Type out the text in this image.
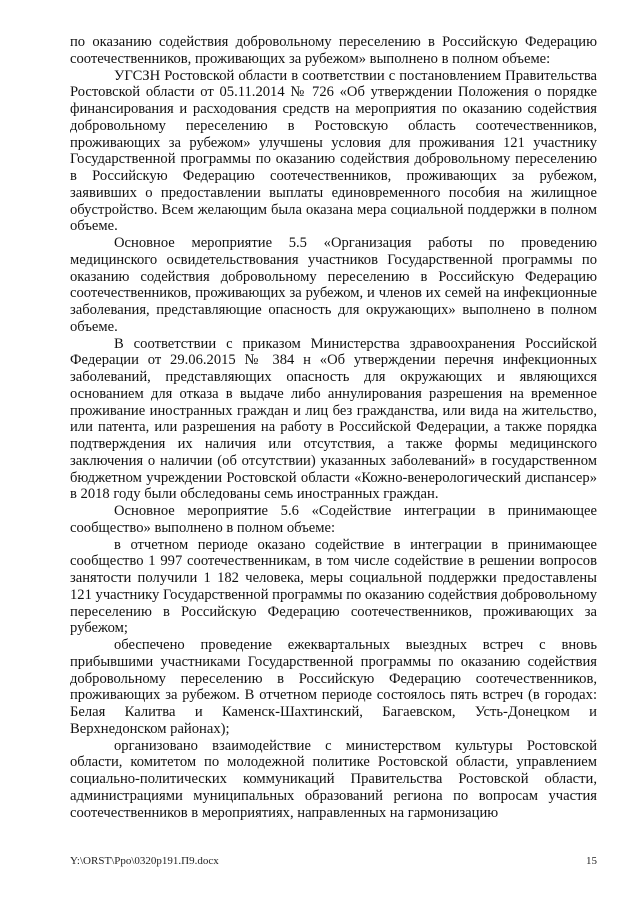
по оказанию содействия добровольному переселению в Российскую Федерацию соотечественников, проживающих за рубежом» выполнено в полном объеме:

УГСЗН Ростовской области в соответствии с постановлением Правительства Ростовской области от 05.11.2014 № 726 «Об утверждении Положения о порядке финансирования и расходования средств на мероприятия по оказанию содействия добровольному переселению в Ростовскую область соотечественников, проживающих за рубежом» улучшены условия для проживания 121 участнику Государственной программы по оказанию содействия добровольному переселению в Российскую Федерацию соотечественников, проживающих за рубежом, заявивших о предоставлении выплаты единовременного пособия на жилищное обустройство. Всем желающим была оказана мера социальной поддержки в полном объеме.

Основное мероприятие 5.5 «Организация работы по проведению медицинского освидетельствования участников Государственной программы по оказанию содействия добровольному переселению в Российскую Федерацию соотечественников, проживающих за рубежом, и членов их семей на инфекционные заболевания, представляющие опасность для окружающих» выполнено в полном объеме.

В соответствии с приказом Министерства здравоохранения Российской Федерации от 29.06.2015 № 384 н «Об утверждении перечня инфекционных заболеваний, представляющих опасность для окружающих и являющихся основанием для отказа в выдаче либо аннулирования разрешения на временное проживание иностранных граждан и лиц без гражданства, или вида на жительство, или патента, или разрешения на работу в Российской Федерации, а также порядка подтверждения их наличия или отсутствия, а также формы медицинского заключения о наличии (об отсутствии) указанных заболеваний» в государственном бюджетном учреждении Ростовской области «Кожно-венерологический диспансер» в 2018 году были обследованы семь иностранных граждан.

Основное мероприятие 5.6 «Содействие интеграции в принимающее сообщество» выполнено в полном объеме:

в отчетном периоде оказано содействие в интеграции в принимающее сообщество 1 997 соотечественникам, в том числе содействие в решении вопросов занятости получили 1 182 человека, меры социальной поддержки предоставлены 121 участнику Государственной программы по оказанию содействия добровольному переселению в Российскую Федерацию соотечественников, проживающих за рубежом;

обеспечено проведение ежеквартальных выездных встреч с вновь прибывшими участниками Государственной программы по оказанию содействия добровольному переселению в Российскую Федерацию соотечественников, проживающих за рубежом. В отчетном периоде состоялось пять встреч (в городах: Белая Калитва и Каменск-Шахтинский, Багаевском, Усть-Донецком и Верхнедонском районах);

организовано взаимодействие с министерством культуры Ростовской области, комитетом по молодежной политике Ростовской области, управлением социально-политических коммуникаций Правительства Ростовской области, администрациями муниципальных образований региона по вопросам участия соотечественников в мероприятиях, направленных на гармонизацию

Y:\ORST\Ppo\0320p191.П9.docx	15
